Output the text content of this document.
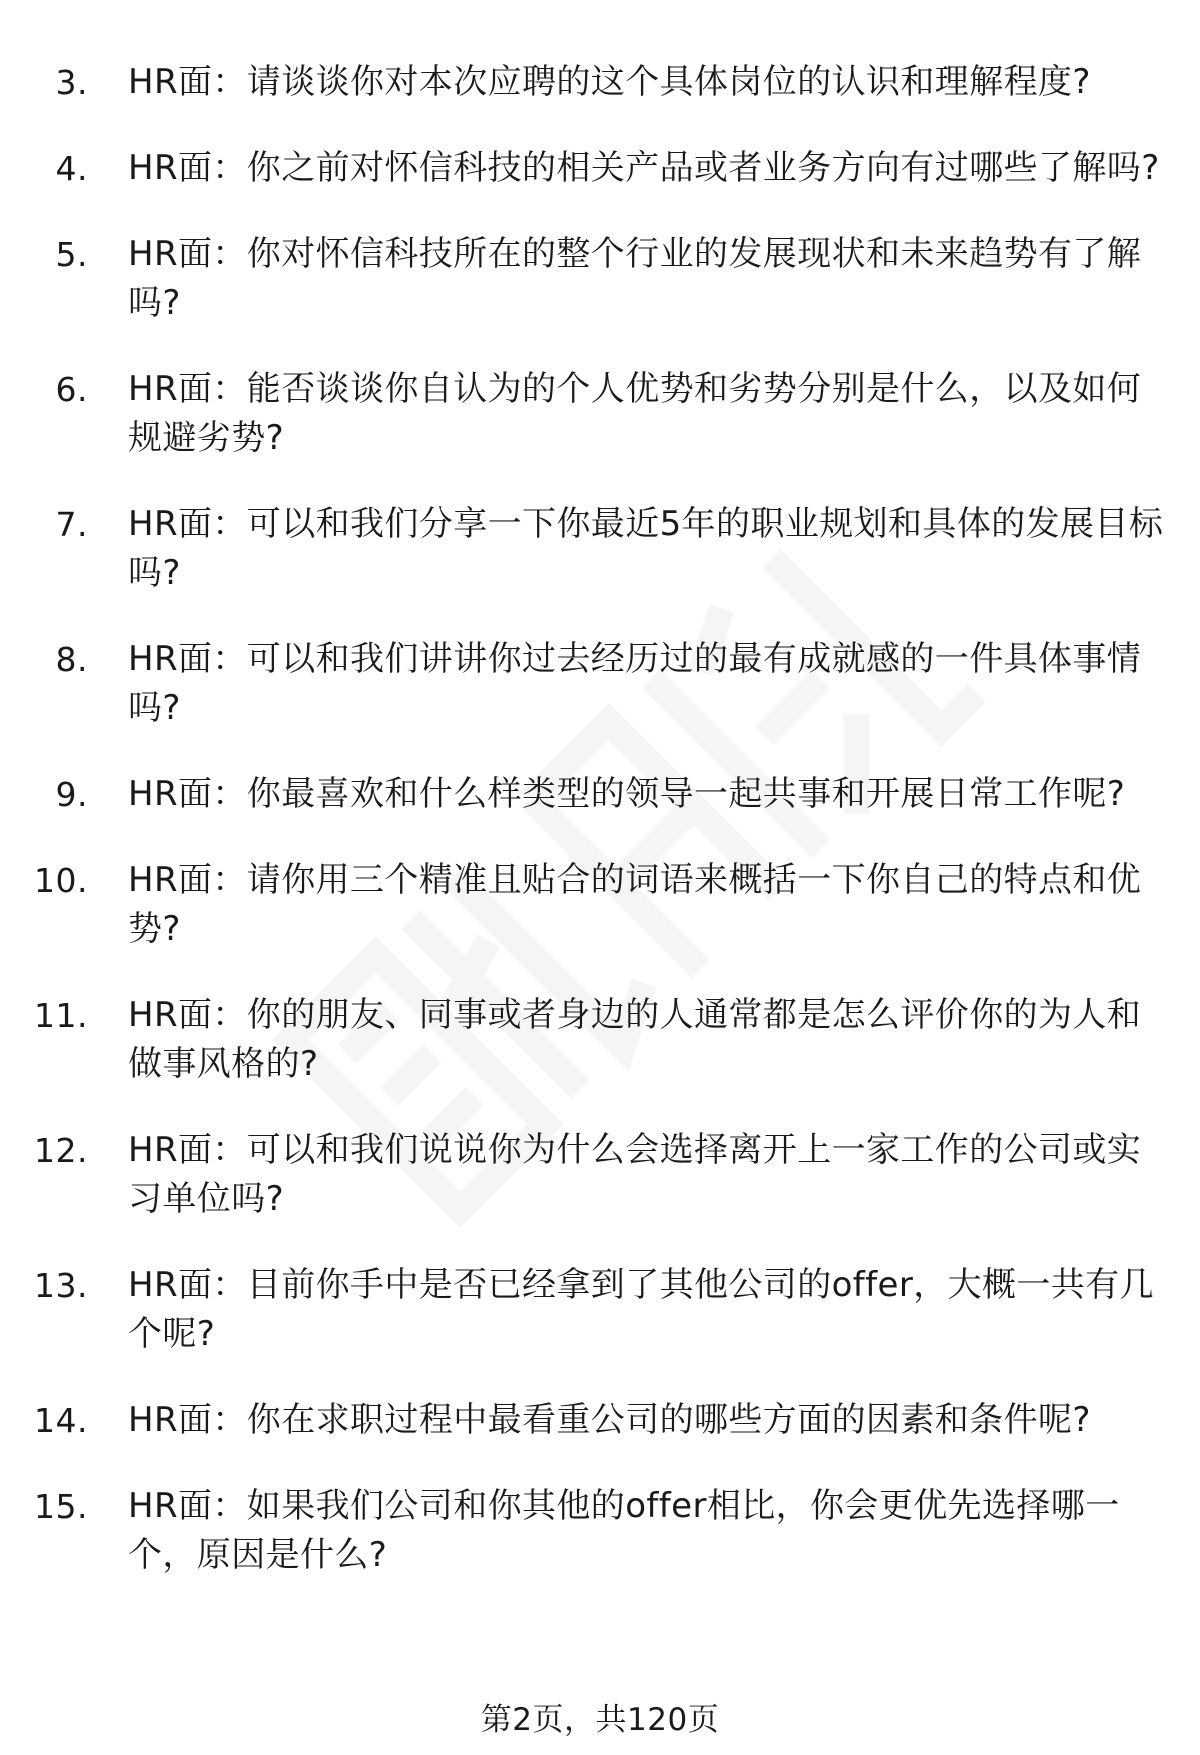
3.	HR面：请谈谈你对本次应聘的这个具体岗位的认识和理解程度?
4.	HR面：你之前对怀信科技的相关产品或者业务方向有过哪些了解吗?
5.	HR面：你对怀信科技所在的整个行业的发展现状和未来趋势有了解吗?
6.	HR面：能否谈谈你自认为的个人优势和劣势分别是什么，以及如何规避劣势?
7.	HR面：可以和我们分享一下你最近5年的职业规划和具体的发展目标吗?
8.	HR面：可以和我们讲讲你过去经历过的最有成就感的一件具体事情吗?
9.	HR面：你最喜欢和什么样类型的领导一起共事和开展日常工作呢?
10.	HR面：请你用三个精准且贴合的词语来概括一下你自己的特点和优势?
11.	HR面：你的朋友、同事或者身边的人通常都是怎么评价你的为人和做事风格的?
12.	HR面：可以和我们说说你为什么会选择离开上一家工作的公司或实习单位吗?
13.	HR面：目前你手中是否已经拿到了其他公司的offer，大概一共有几个呢?
14.	HR面：你在求职过程中最看重公司的哪些方面的因素和条件呢?
15.	HR面：如果我们公司和你其他的offer相比，你会更优先选择哪一个，原因是什么?
第2页，共120页
